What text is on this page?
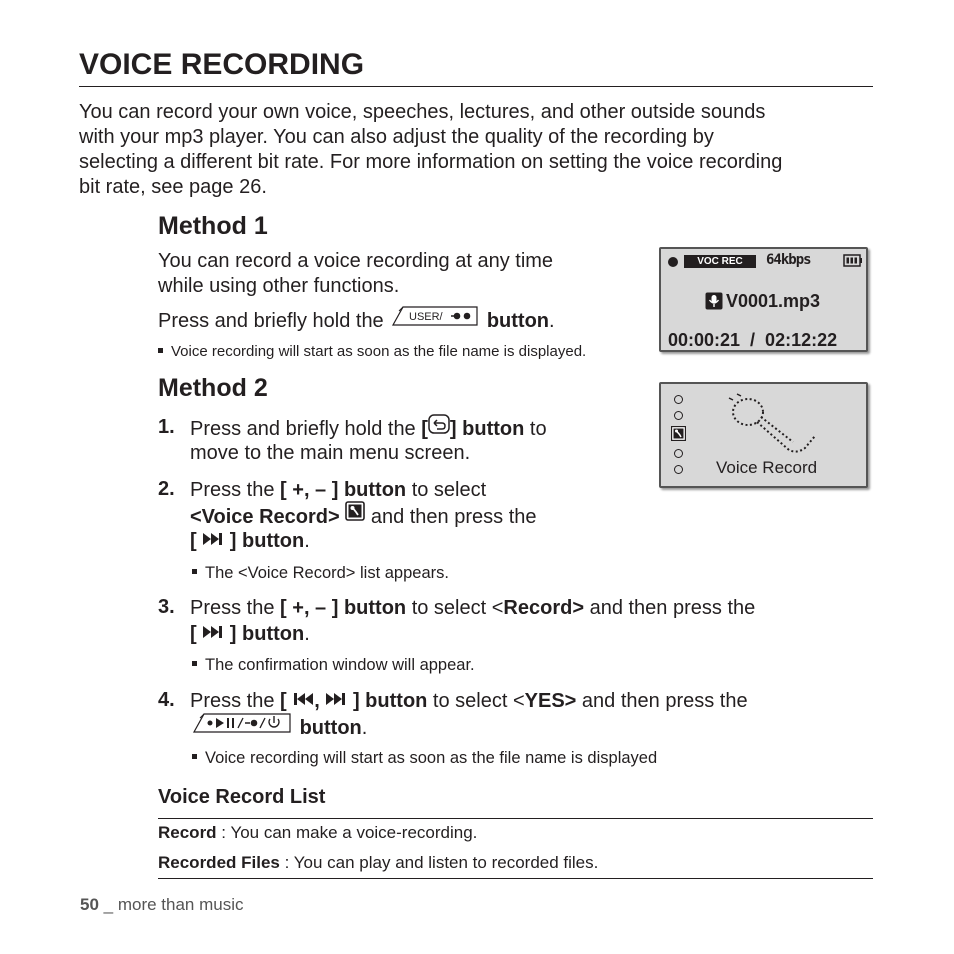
VOICE RECORDING
You can record your own voice, speeches, lectures, and other outside sounds
with your mp3 player. You can also adjust the quality of the recording by
selecting a different bit rate. For more information on setting the voice recording
bit rate, see page 26.
Method 1
You can record a voice recording at any time
while using other functions.
Press and briefly hold the USER/ button.
Voice recording will start as soon as the file name is displayed.
VOC REC	64kbps
V0001.mp3
00:00:21  /  02:12:22
Method 2
1. Press and briefly hold the [ ] button to
move to the main menu screen.
2. Press the [ +, – ] button to select
<Voice Record>  and then press the
[ ] button.
The <Voice Record> list appears.
3. Press the [ +, – ] button to select <Record> and then press the
[ ] button.
The confirmation window will appear.
4. Press the [ , ] button to select <YES> and then press the
button.
Voice recording will start as soon as the file name is displayed
Voice Record
Voice Record List
Record : You can make a voice-recording.
Recorded Files : You can play and listen to recorded files.
50 _ more than music
